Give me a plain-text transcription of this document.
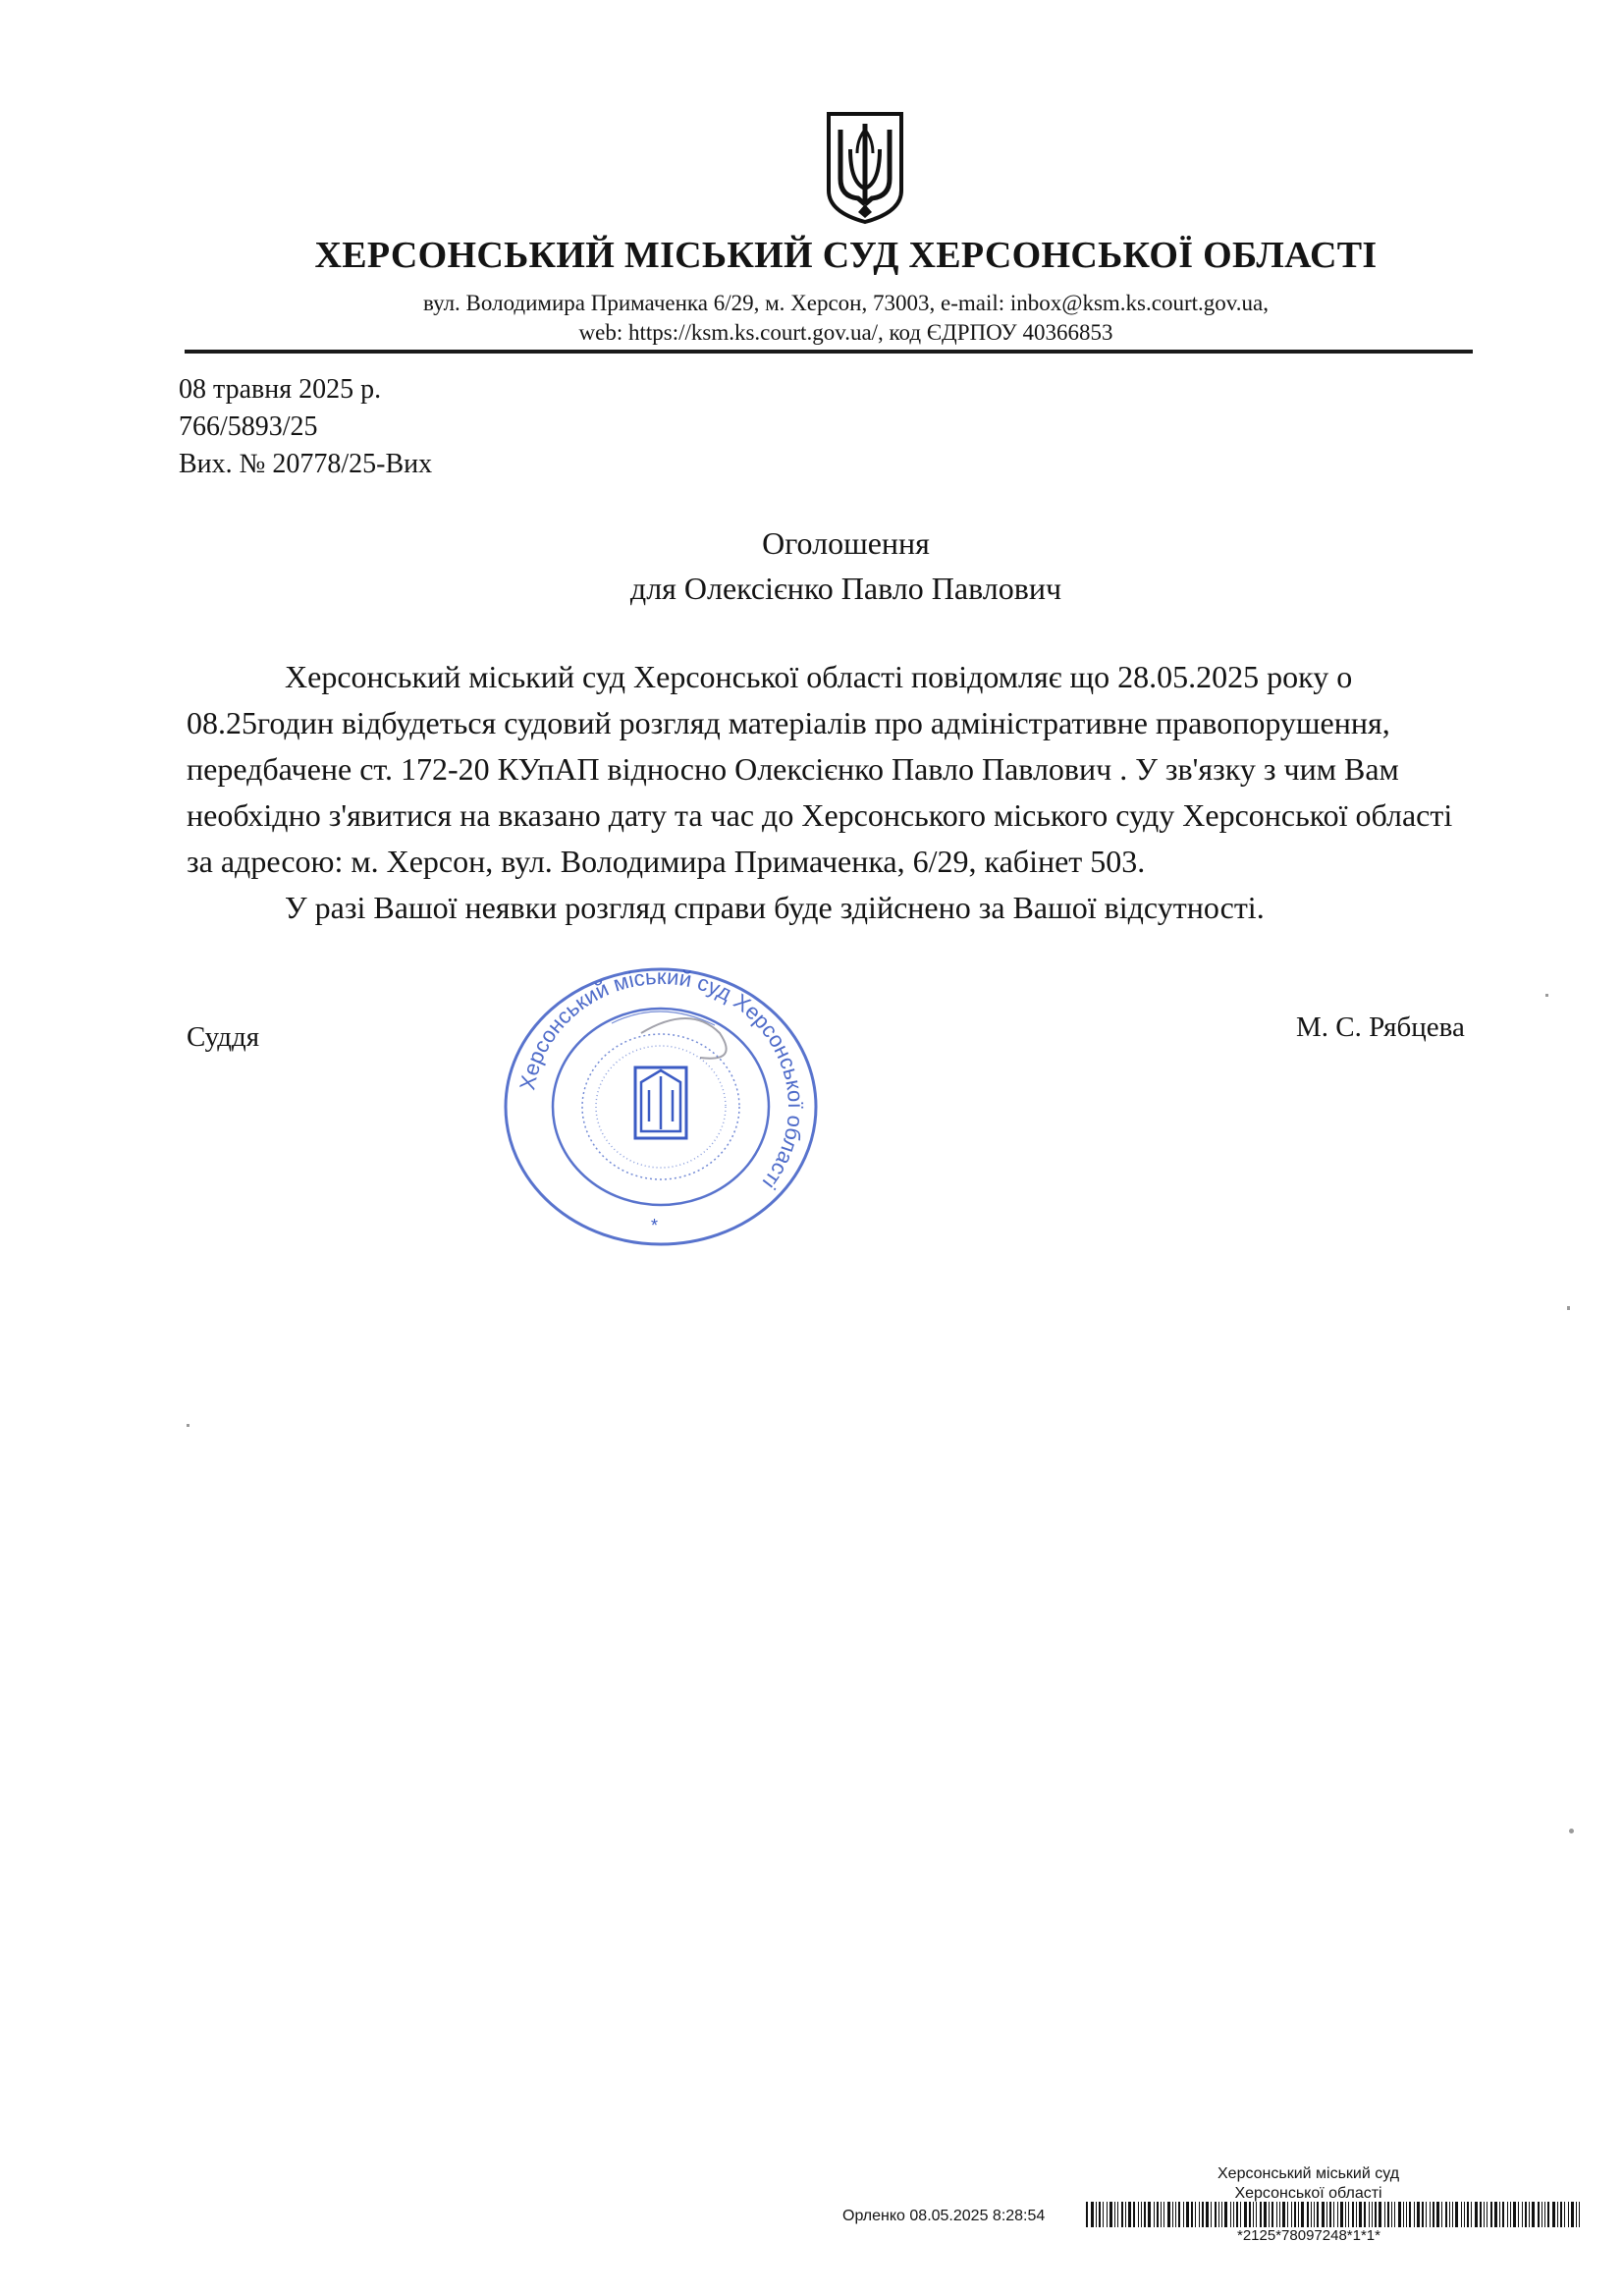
ХЕРСОНСЬКИЙ МІСЬКИЙ СУД ХЕРСОНСЬКОЇ ОБЛАСТІ
вул. Володимира Примаченка 6/29, м. Херсон, 73003, e-mail: inbox@ksm.ks.court.gov.ua,
web: https://ksm.ks.court.gov.ua/, код ЄДРПОУ 40366853
08 травня 2025 р.
766/5893/25
Вих. № 20778/25-Вих
Оголошення
для Олексієнко Павло Павлович

Херсонський міський суд Херсонської області повідомляє що 28.05.2025 року о 08.25годин відбудеться судовий розгляд матеріалів про адміністративне правопорушення, передбачене ст. 172-20 КУпАП відносно Олексієнко Павло Павлович . У зв'язку з чим Вам необхідно з'явитися на вказано дату та час до Херсонського міського суду Херсонської області за адресою: м. Херсон, вул. Володимира Примаченка, 6/29, кабінет 503.

У разі Вашої неявки розгляд справи буде здійснено за Вашої відсутності.

Херсонський міський суд Херсонської області
*
Суддя	М. С. Рябцева
Херсонський міський суд
Херсонської області
Орленко 08.05.2025 8:28:54
*2125*78097248*1*1*
